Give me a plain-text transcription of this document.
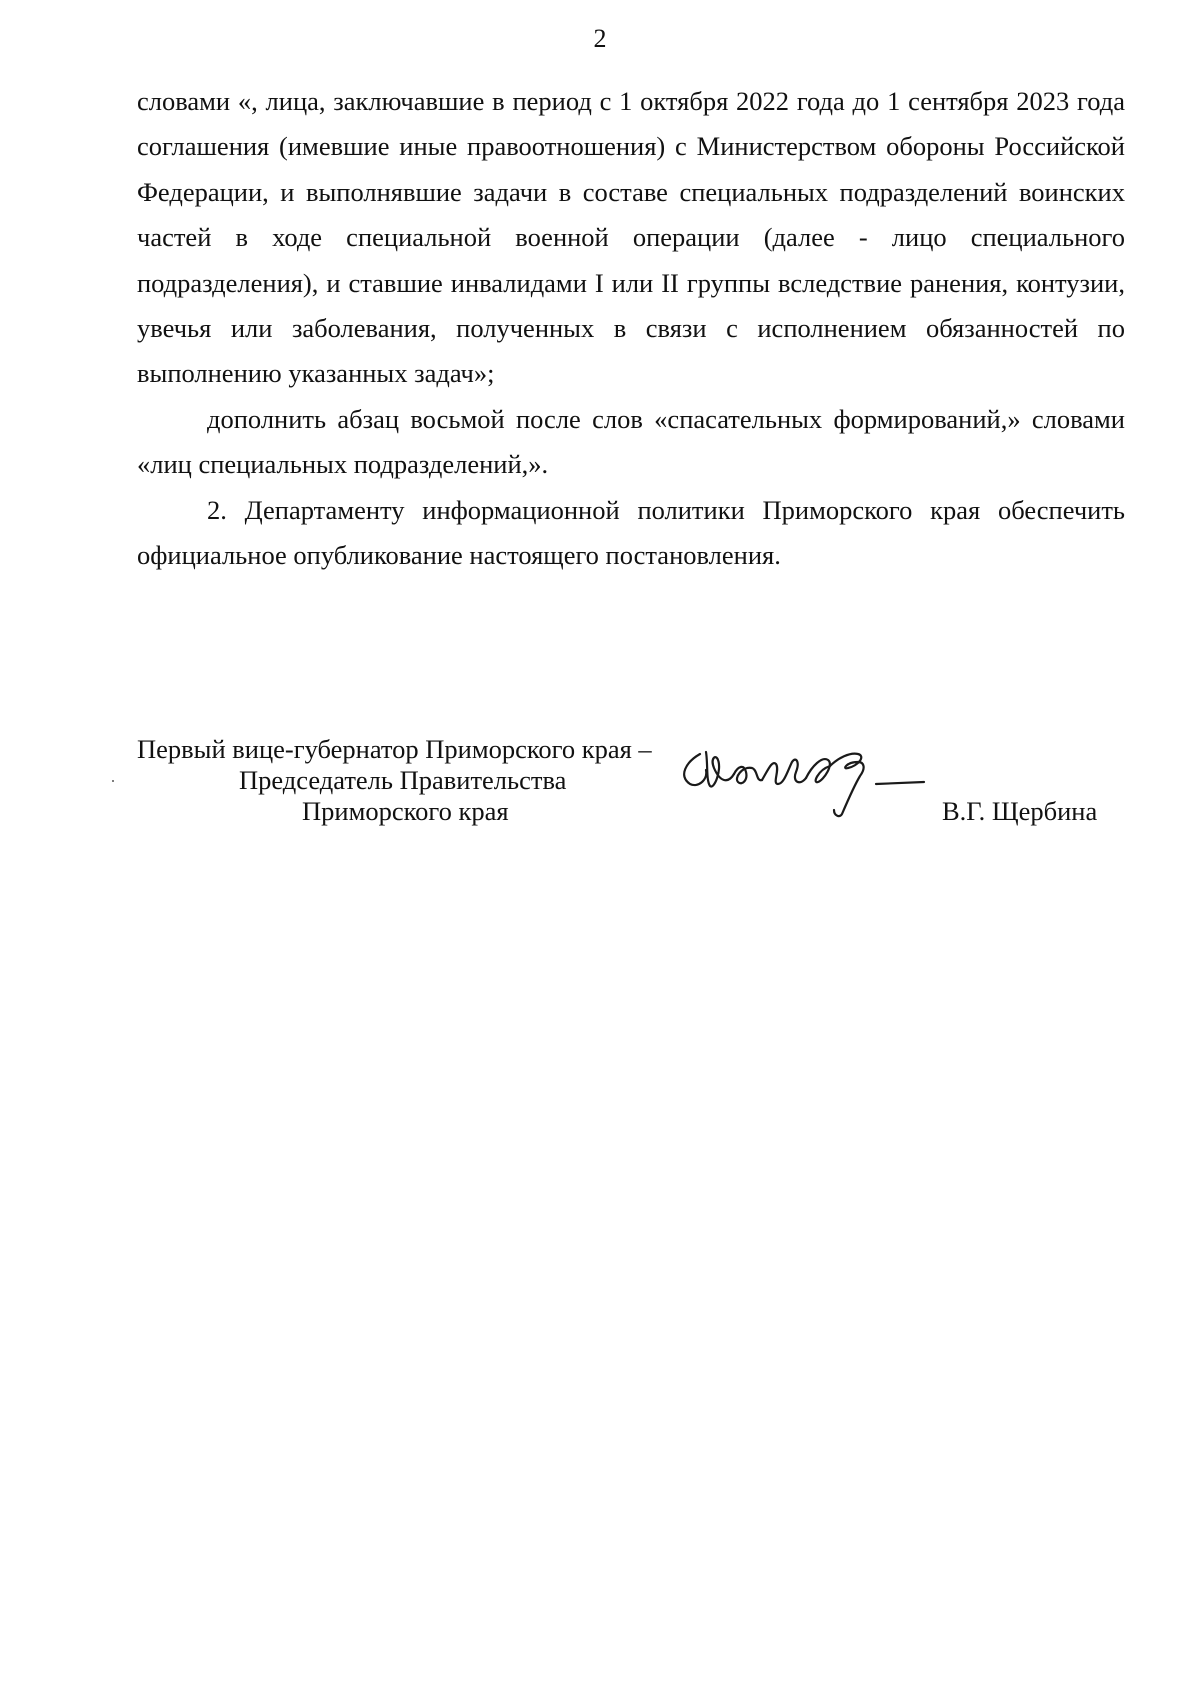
2

словами «, лица, заключавшие в период с 1 октября 2022 года до 1 сентября 2023 года соглашения (имевшие иные правоотношения) с Министерством обороны Российской Федерации, и выполнявшие задачи в составе специальных подразделений воинских частей в ходе специальной военной операции (далее - лицо специального подразделения), и ставшие инвалидами I или II группы вследствие ранения, контузии, увечья или заболевания, полученных в связи с исполнением обязанностей по выполнению указанных задач»;

дополнить абзац восьмой после слов «спасательных формирований,» словами «лиц специальных подразделений,».

2. Департаменту информационной политики Приморского края обеспечить официальное опубликование настоящего постановления.

Первый вице-губернатор Приморского края –
Председатель Правительства
Приморского края	В.Г. Щербина
